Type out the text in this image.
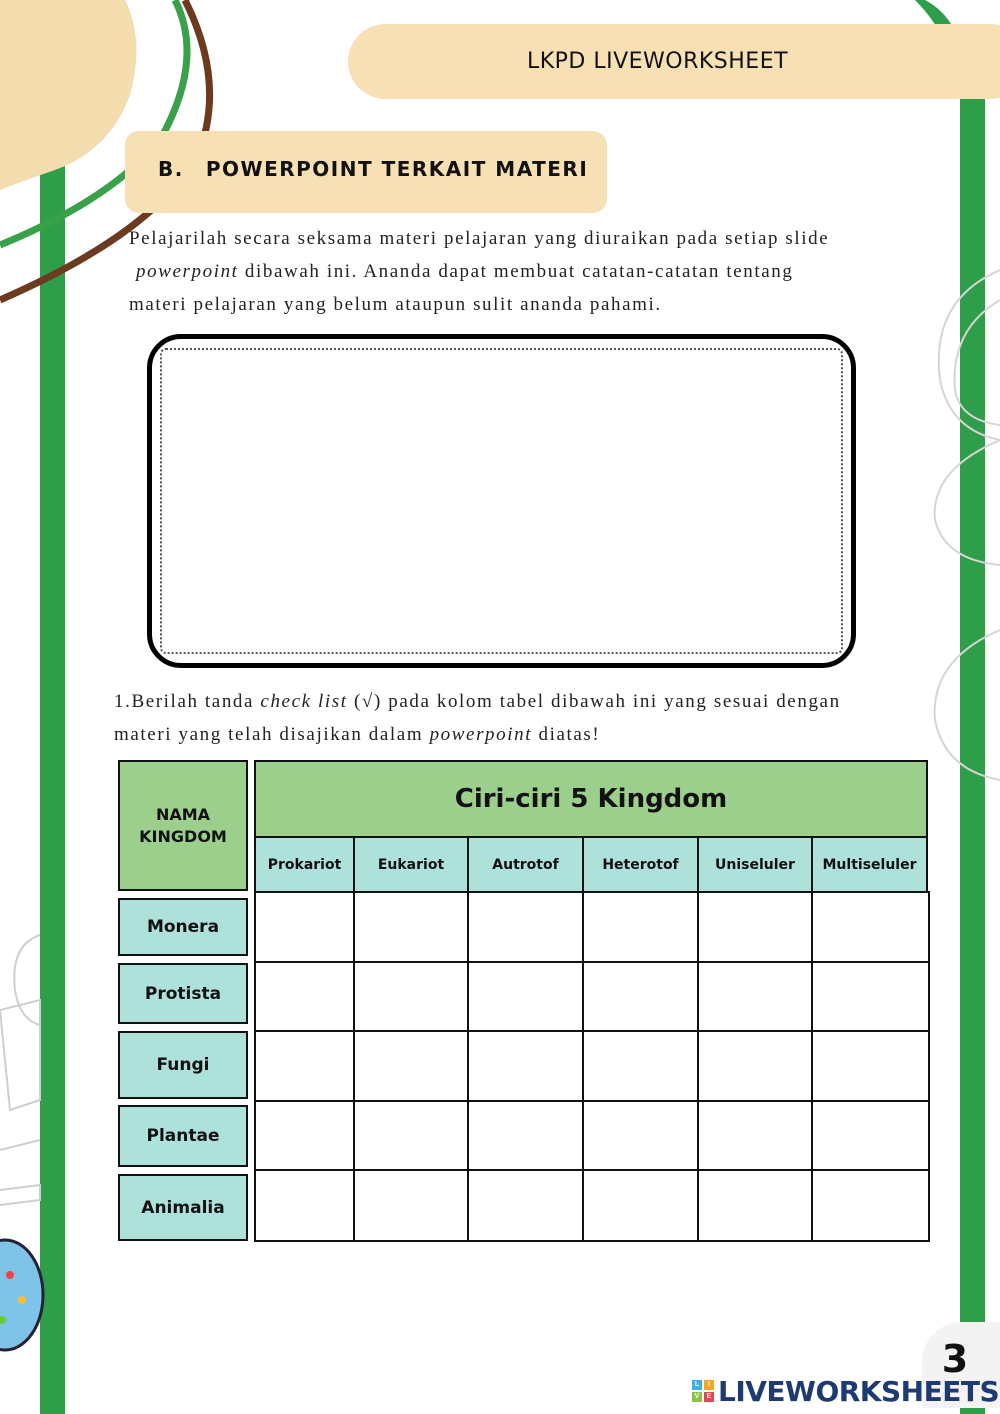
LKPD LIVEWORKSHEET
B. POWERPOINT TERKAIT MATERI
Pelajarilah secara seksama materi pelajaran yang diuraikan pada setiap slide
powerpoint dibawah ini. Ananda dapat membuat catatan-catatan tentang
materi pelajaran yang belum ataupun sulit ananda pahami.
1.Berilah tanda check list (√) pada kolom tabel dibawah ini yang sesuai dengan
materi yang telah disajikan dalam powerpoint diatas!
NAMA
KINGDOM
Ciri-ciri 5 Kingdom
Prokariot	Eukariot	Autrotof	Heterotof	Uniseluler	Multiseluler
Monera
Protista
Fungi
Plantae
Animalia
3
L	I
V	E LIVEWORKSHEETS
